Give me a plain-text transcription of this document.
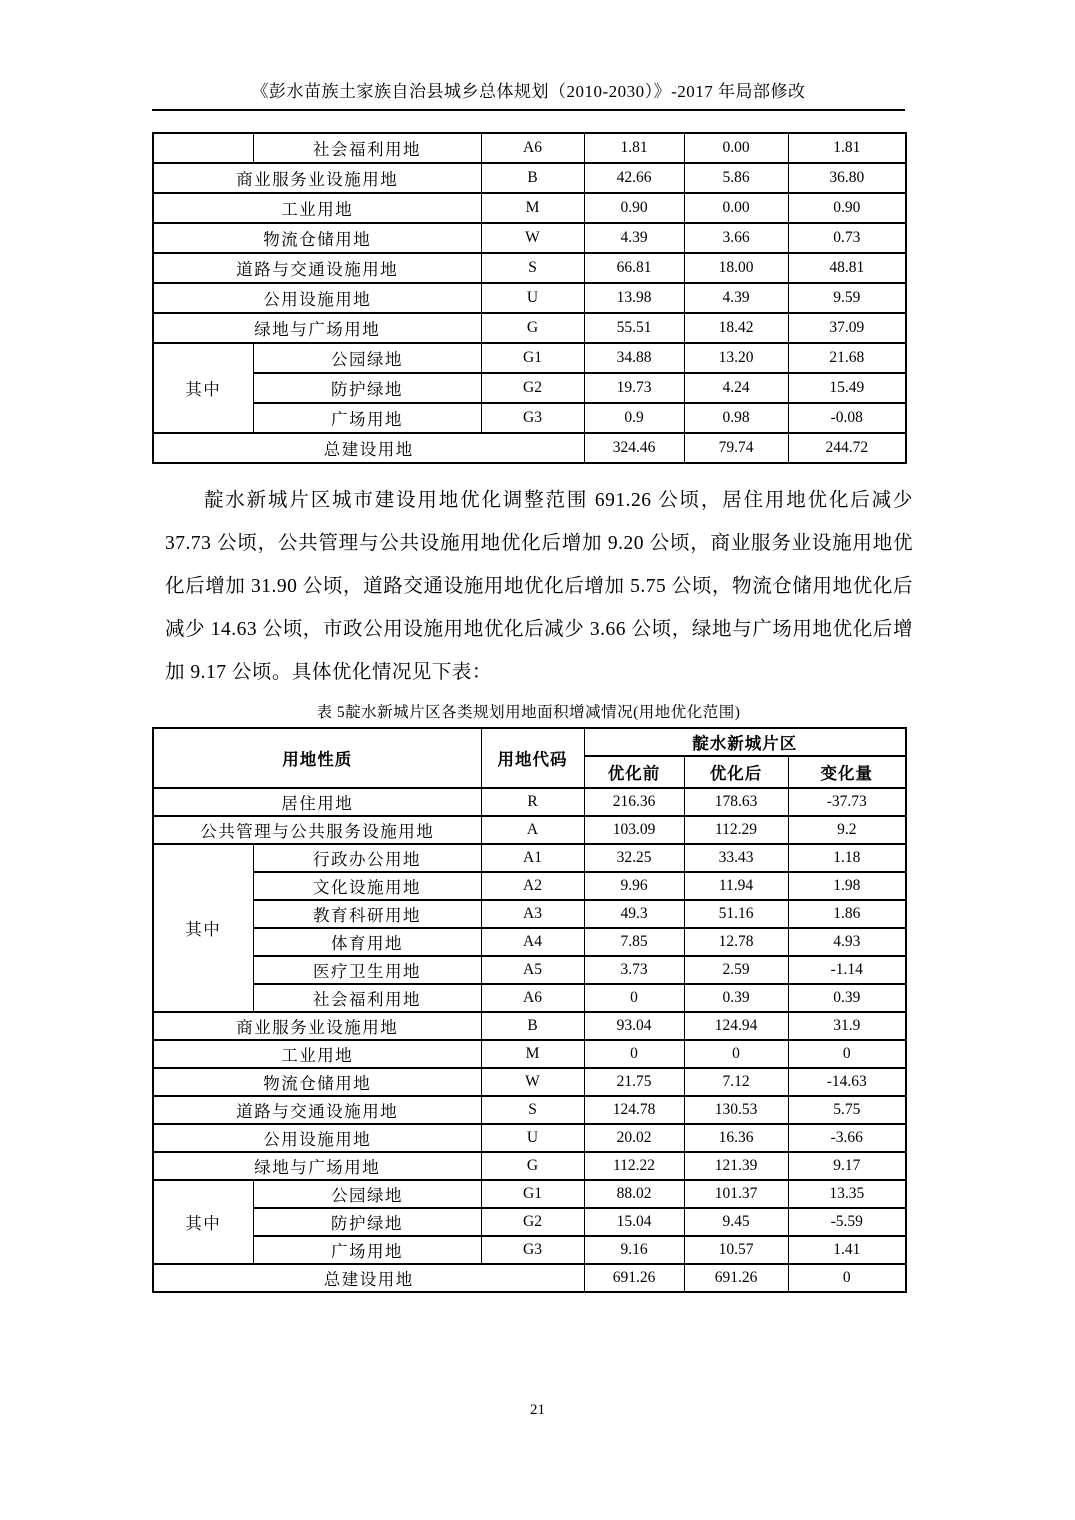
《彭水苗族土家族自治县城乡总体规划（2010-2030）》-2017 年局部修改
	社会福利用地	A6	1.81	0.00	1.81
商业服务业设施用地		B	42.66	5.86	36.80
工业用地		M	0.90	0.00	0.90
物流仓储用地		W	4.39	3.66	0.73
道路与交通设施用地		S	66.81	18.00	48.81
公用设施用地		U	13.98	4.39	9.59
绿地与广场用地		G	55.51	18.42	37.09
其中	公园绿地	G1	34.88	13.20	21.68
	防护绿地	G2	19.73	4.24	15.49
	广场用地	G3	0.9	0.98	-0.08
总建设用地			324.46	79.74	244.72

靛水新城片区城市建设用地优化调整范围 691.26 公顷，居住用地优化后减少 37.73 公顷，公共管理与公共设施用地优化后增加 9.20 公顷，商业服务业设施用地优化后增加 31.90 公顷，道路交通设施用地优化后增加 5.75 公顷，物流仓储用地优化后减少 14.63 公顷，市政公用设施用地优化后减少 3.66 公顷，绿地与广场用地优化后增加 9.17 公顷。具体优化情况见下表：

表 5靛水新城片区各类规划用地面积增减情况(用地优化范围)
用地性质		用地代码	靛水新城片区		
			优化前	优化后	变化量
居住用地		R	216.36	178.63	-37.73
公共管理与公共服务设施用地		A	103.09	112.29	9.2
其中	行政办公用地	A1	32.25	33.43	1.18
	文化设施用地	A2	9.96	11.94	1.98
	教育科研用地	A3	49.3	51.16	1.86
	体育用地	A4	7.85	12.78	4.93
	医疗卫生用地	A5	3.73	2.59	-1.14
	社会福利用地	A6	0	0.39	0.39
商业服务业设施用地		B	93.04	124.94	31.9
工业用地		M	0	0	0
物流仓储用地		W	21.75	7.12	-14.63
道路与交通设施用地		S	124.78	130.53	5.75
公用设施用地		U	20.02	16.36	-3.66
绿地与广场用地		G	112.22	121.39	9.17
其中	公园绿地	G1	88.02	101.37	13.35
	防护绿地	G2	15.04	9.45	-5.59
	广场用地	G3	9.16	10.57	1.41
总建设用地			691.26	691.26	0
21
